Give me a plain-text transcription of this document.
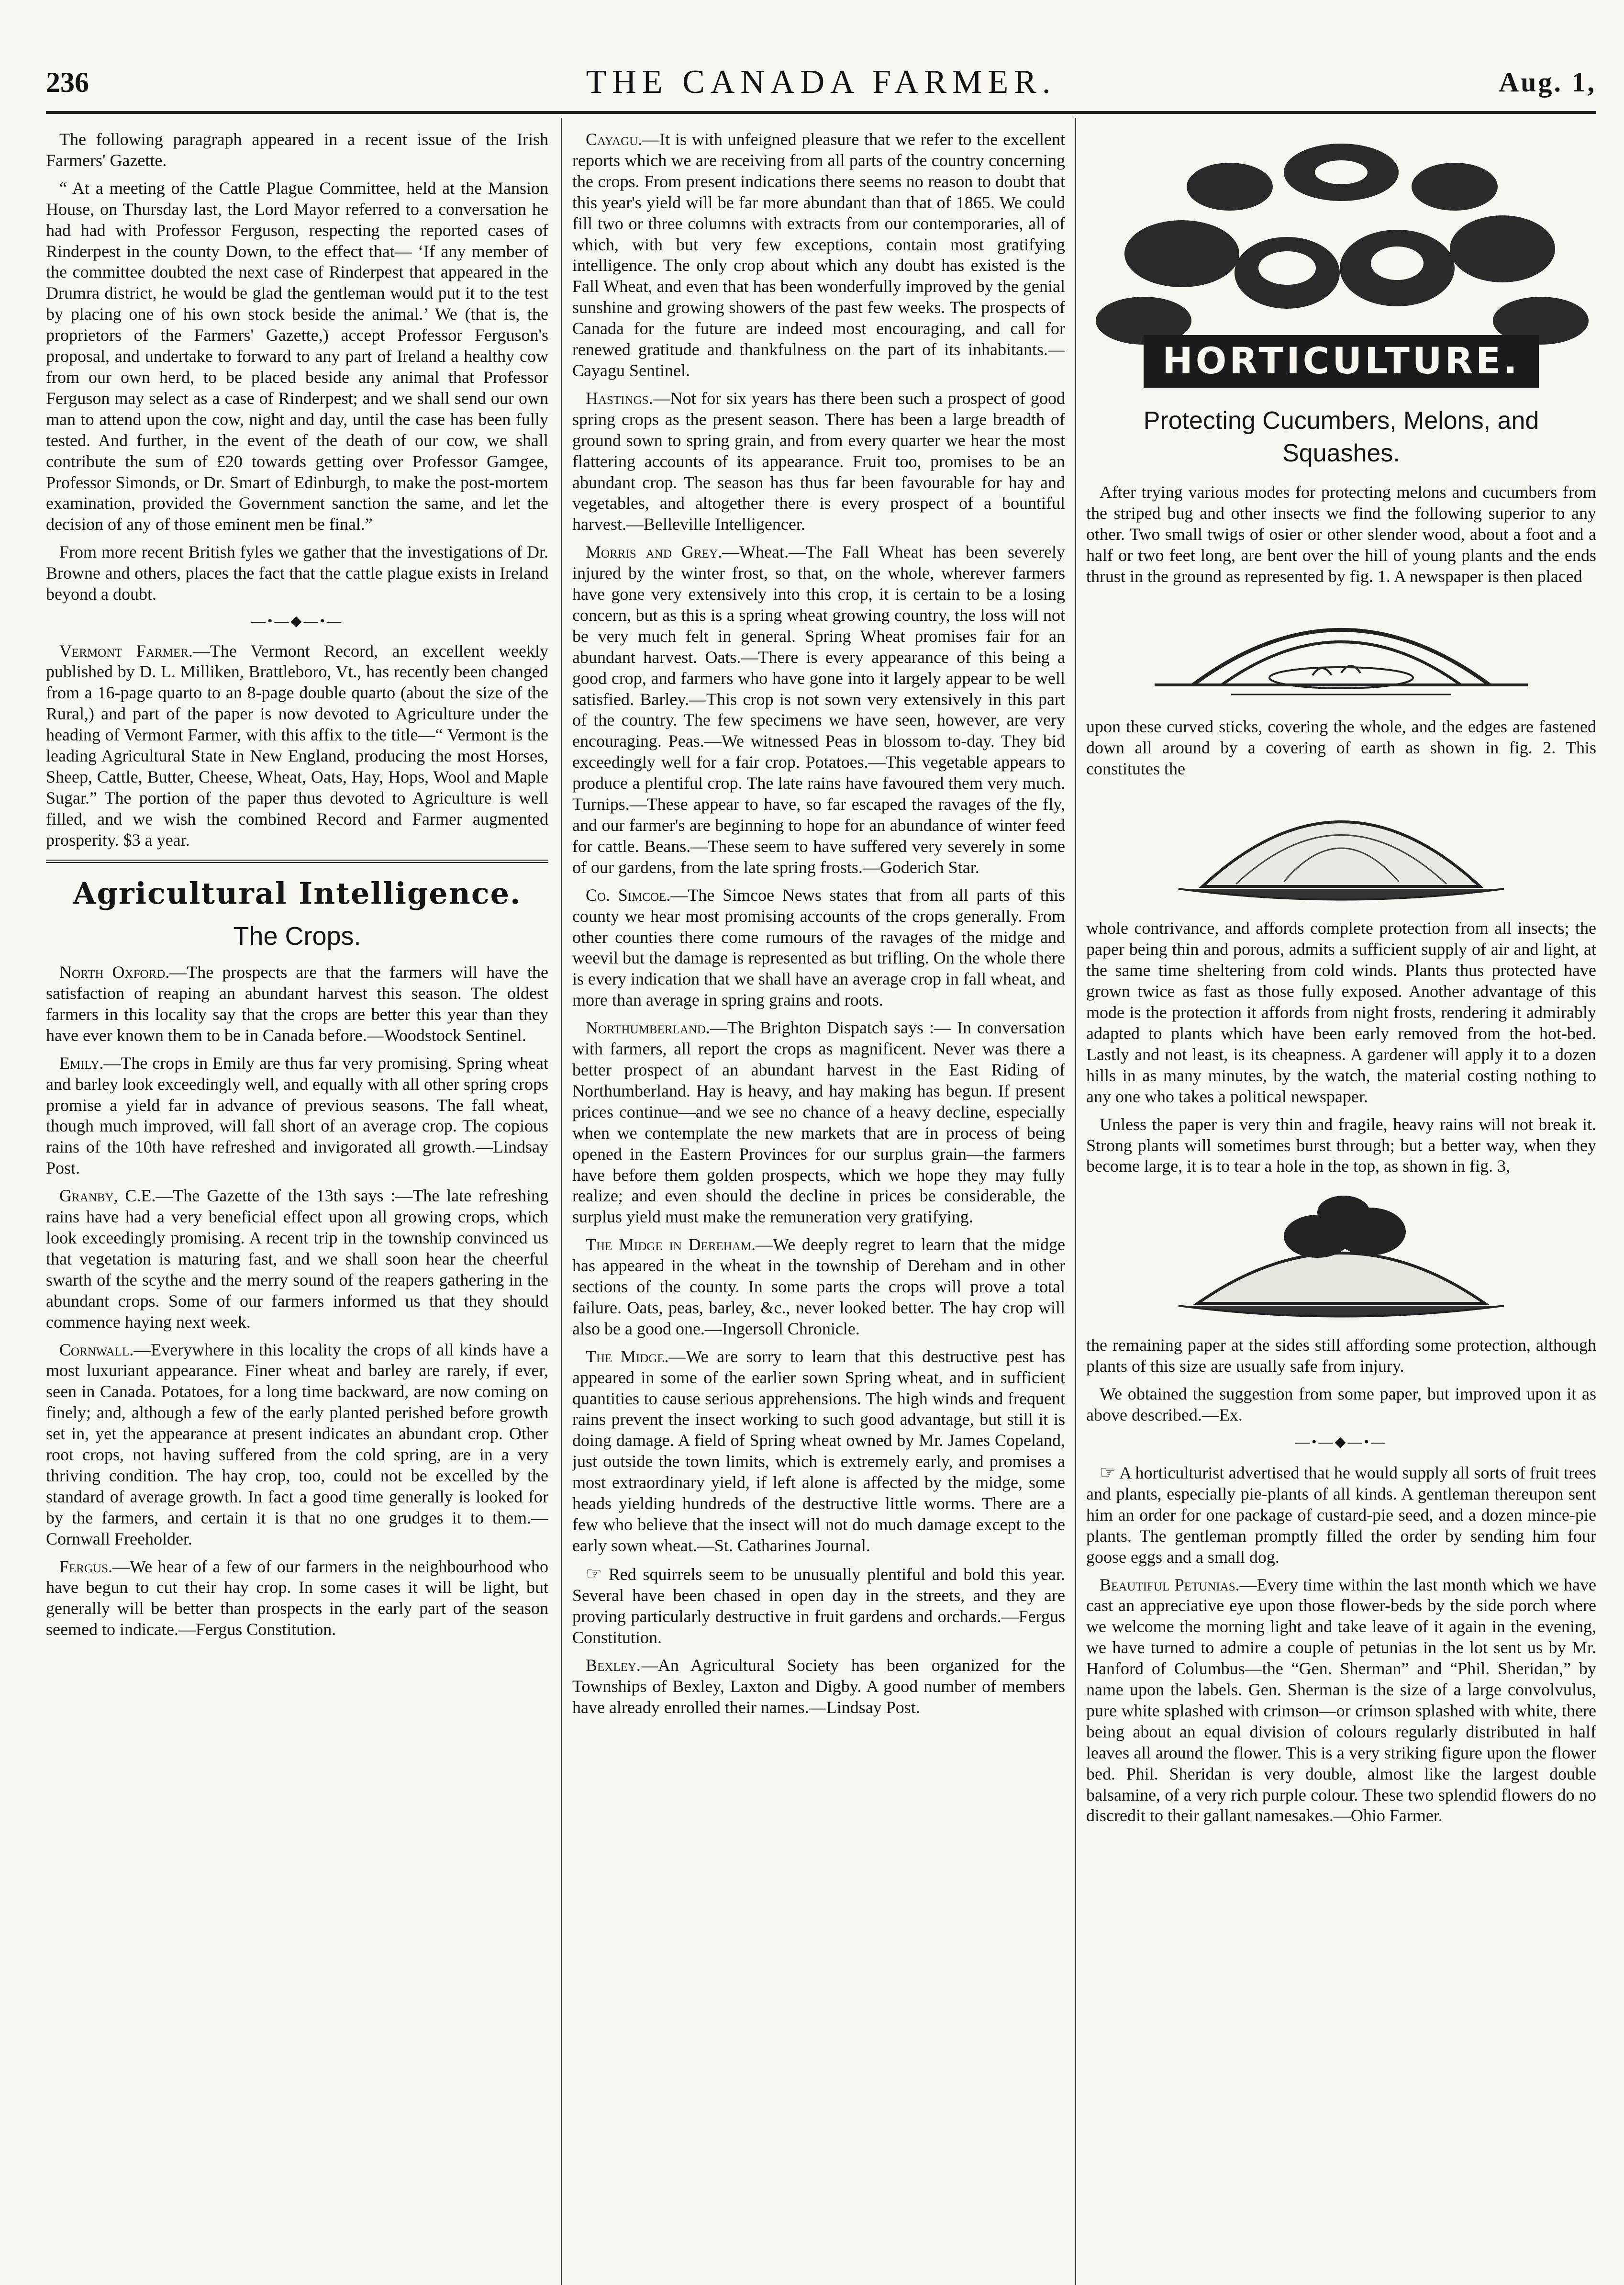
236	THE CANADA FARMER.	Aug. 1,

The following paragraph appeared in a recent issue of the Irish Farmers' Gazette.

“ At a meeting of the Cattle Plague Committee, held at the Mansion House, on Thursday last, the Lord Mayor referred to a conversation he had had with Professor Ferguson, respecting the reported cases of Rinderpest in the county Down, to the effect that— ‘If any member of the committee doubted the next case of Rinderpest that appeared in the Drumra district, he would be glad the gentleman would put it to the test by placing one of his own stock beside the animal.’ We (that is, the proprietors of the Farmers' Gazette,) accept Professor Ferguson's proposal, and undertake to forward to any part of Ireland a healthy cow from our own herd, to be placed beside any animal that Professor Ferguson may select as a case of Rinderpest; and we shall send our own man to attend upon the cow, night and day, until the case has been fully tested. And further, in the event of the death of our cow, we shall contribute the sum of £20 towards getting over Professor Gamgee, Professor Simonds, or Dr. Smart of Edinburgh, to make the post-mortem examination, provided the Government sanction the same, and let the decision of any of those eminent men be final.”

From more recent British fyles we gather that the investigations of Dr. Browne and others, places the fact that the cattle plague exists in Ireland beyond a doubt.

—•—◆—•—

Vermont Farmer.—The Vermont Record, an excellent weekly published by D. L. Milliken, Brattleboro, Vt., has recently been changed from a 16-page quarto to an 8-page double quarto (about the size of the Rural,) and part of the paper is now devoted to Agriculture under the heading of Vermont Farmer, with this affix to the title—“ Vermont is the leading Agricultural State in New England, producing the most Horses, Sheep, Cattle, Butter, Cheese, Wheat, Oats, Hay, Hops, Wool and Maple Sugar.” The portion of the paper thus devoted to Agriculture is well filled, and we wish the combined Record and Farmer augmented prosperity. $3 a year.

Agricultural Intelligence.
The Crops.

North Oxford.—The prospects are that the farmers will have the satisfaction of reaping an abundant harvest this season. The oldest farmers in this locality say that the crops are better this year than they have ever known them to be in Canada before.—Woodstock Sentinel.

Emily.—The crops in Emily are thus far very promising. Spring wheat and barley look exceedingly well, and equally with all other spring crops promise a yield far in advance of previous seasons. The fall wheat, though much improved, will fall short of an average crop. The copious rains of the 10th have refreshed and invigorated all growth.—Lindsay Post.

Granby, C.E.—The Gazette of the 13th says :—The late refreshing rains have had a very beneficial effect upon all growing crops, which look exceedingly promising. A recent trip in the township convinced us that vegetation is maturing fast, and we shall soon hear the cheerful swarth of the scythe and the merry sound of the reapers gathering in the abundant crops. Some of our farmers informed us that they should commence haying next week.

Cornwall.—Everywhere in this locality the crops of all kinds have a most luxuriant appearance. Finer wheat and barley are rarely, if ever, seen in Canada. Potatoes, for a long time backward, are now coming on finely; and, although a few of the early planted perished before growth set in, yet the appearance at present indicates an abundant crop. Other root crops, not having suffered from the cold spring, are in a very thriving condition. The hay crop, too, could not be excelled by the standard of average growth. In fact a good time generally is looked for by the farmers, and certain it is that no one grudges it to them.—Cornwall Freeholder.

Fergus.—We hear of a few of our farmers in the neighbourhood who have begun to cut their hay crop. In some cases it will be light, but generally will be better than prospects in the early part of the season seemed to indicate.—Fergus Constitution.

Cayagu.—It is with unfeigned pleasure that we refer to the excellent reports which we are receiving from all parts of the country concerning the crops. From present indications there seems no reason to doubt that this year's yield will be far more abundant than that of 1865. We could fill two or three columns with extracts from our contemporaries, all of which, with but very few exceptions, contain most gratifying intelligence. The only crop about which any doubt has existed is the Fall Wheat, and even that has been wonderfully improved by the genial sunshine and growing showers of the past few weeks. The prospects of Canada for the future are indeed most encouraging, and call for renewed gratitude and thankfulness on the part of its inhabitants.—Cayagu Sentinel.

Hastings.—Not for six years has there been such a prospect of good spring crops as the present season. There has been a large breadth of ground sown to spring grain, and from every quarter we hear the most flattering accounts of its appearance. Fruit too, promises to be an abundant crop. The season has thus far been favourable for hay and vegetables, and altogether there is every prospect of a bountiful harvest.—Belleville Intelligencer.

Morris and Grey.—Wheat.—The Fall Wheat has been severely injured by the winter frost, so that, on the whole, wherever farmers have gone very extensively into this crop, it is certain to be a losing concern, but as this is a spring wheat growing country, the loss will not be very much felt in general. Spring Wheat promises fair for an abundant harvest. Oats.—There is every appearance of this being a good crop, and farmers who have gone into it largely appear to be well satisfied. Barley.—This crop is not sown very extensively in this part of the country. The few specimens we have seen, however, are very encouraging. Peas.—We witnessed Peas in blossom to-day. They bid exceedingly well for a fair crop. Potatoes.—This vegetable appears to produce a plentiful crop. The late rains have favoured them very much. Turnips.—These appear to have, so far escaped the ravages of the fly, and our farmer's are beginning to hope for an abundance of winter feed for cattle. Beans.—These seem to have suffered very severely in some of our gardens, from the late spring frosts.—Goderich Star.

Co. Simcoe.—The Simcoe News states that from all parts of this county we hear most promising accounts of the crops generally. From other counties there come rumours of the ravages of the midge and weevil but the damage is represented as but trifling. On the whole there is every indication that we shall have an average crop in fall wheat, and more than average in spring grains and roots.

Northumberland.—The Brighton Dispatch says :— In conversation with farmers, all report the crops as magnificent. Never was there a better prospect of an abundant harvest in the East Riding of Northumberland. Hay is heavy, and hay making has begun. If present prices continue—and we see no chance of a heavy decline, especially when we contemplate the new markets that are in process of being opened in the Eastern Provinces for our surplus grain—the farmers have before them golden prospects, which we hope they may fully realize; and even should the decline in prices be considerable, the surplus yield must make the remuneration very gratifying.

The Midge in Dereham.—We deeply regret to learn that the midge has appeared in the wheat in the township of Dereham and in other sections of the county. In some parts the crops will prove a total failure. Oats, peas, barley, &c., never looked better. The hay crop will also be a good one.—Ingersoll Chronicle.

The Midge.—We are sorry to learn that this destructive pest has appeared in some of the earlier sown Spring wheat, and in sufficient quantities to cause serious apprehensions. The high winds and frequent rains prevent the insect working to such good advantage, but still it is doing damage. A field of Spring wheat owned by Mr. James Copeland, just outside the town limits, which is extremely early, and promises a most extraordinary yield, if left alone is affected by the midge, some heads yielding hundreds of the destructive little worms. There are a few who believe that the insect will not do much damage except to the early sown wheat.—St. Catharines Journal.

☞ Red squirrels seem to be unusually plentiful and bold this year. Several have been chased in open day in the streets, and they are proving particularly destructive in fruit gardens and orchards.—Fergus Constitution.

Bexley.—An Agricultural Society has been organized for the Townships of Bexley, Laxton and Digby. A good number of members have already enrolled their names.—Lindsay Post.

HORTICULTURE.
Protecting Cucumbers, Melons, and Squashes.

After trying various modes for protecting melons and cucumbers from the striped bug and other insects we find the following superior to any other. Two small twigs of osier or other slender wood, about a foot and a half or two feet long, are bent over the hill of young plants and the ends thrust in the ground as represented by fig. 1. A newspaper is then placed

upon these curved sticks, covering the whole, and the edges are fastened down all around by a covering of earth as shown in fig. 2. This constitutes the

whole contrivance, and affords complete protection from all insects; the paper being thin and porous, admits a sufficient supply of air and light, at the same time sheltering from cold winds. Plants thus protected have grown twice as fast as those fully exposed. Another advantage of this mode is the protection it affords from night frosts, rendering it admirably adapted to plants which have been early removed from the hot-bed. Lastly and not least, is its cheapness. A gardener will apply it to a dozen hills in as many minutes, by the watch, the material costing nothing to any one who takes a political newspaper.

Unless the paper is very thin and fragile, heavy rains will not break it. Strong plants will sometimes burst through; but a better way, when they become large, it is to tear a hole in the top, as shown in fig. 3,

the remaining paper at the sides still affording some protection, although plants of this size are usually safe from injury.

We obtained the suggestion from some paper, but improved upon it as above described.—Ex.

—•—◆—•—

☞ A horticulturist advertised that he would supply all sorts of fruit trees and plants, especially pie-plants of all kinds. A gentleman thereupon sent him an order for one package of custard-pie seed, and a dozen mince-pie plants. The gentleman promptly filled the order by sending him four goose eggs and a small dog.

Beautiful Petunias.—Every time within the last month which we have cast an appreciative eye upon those flower-beds by the side porch where we welcome the morning light and take leave of it again in the evening, we have turned to admire a couple of petunias in the lot sent us by Mr. Hanford of Columbus—the “Gen. Sherman” and “Phil. Sheridan,” by name upon the labels. Gen. Sherman is the size of a large convolvulus, pure white splashed with crimson—or crimson splashed with white, there being about an equal division of colours regularly distributed in half leaves all around the flower. This is a very striking figure upon the flower bed. Phil. Sheridan is very double, almost like the largest double balsamine, of a very rich purple colour. These two splendid flowers do no discredit to their gallant namesakes.—Ohio Farmer.
